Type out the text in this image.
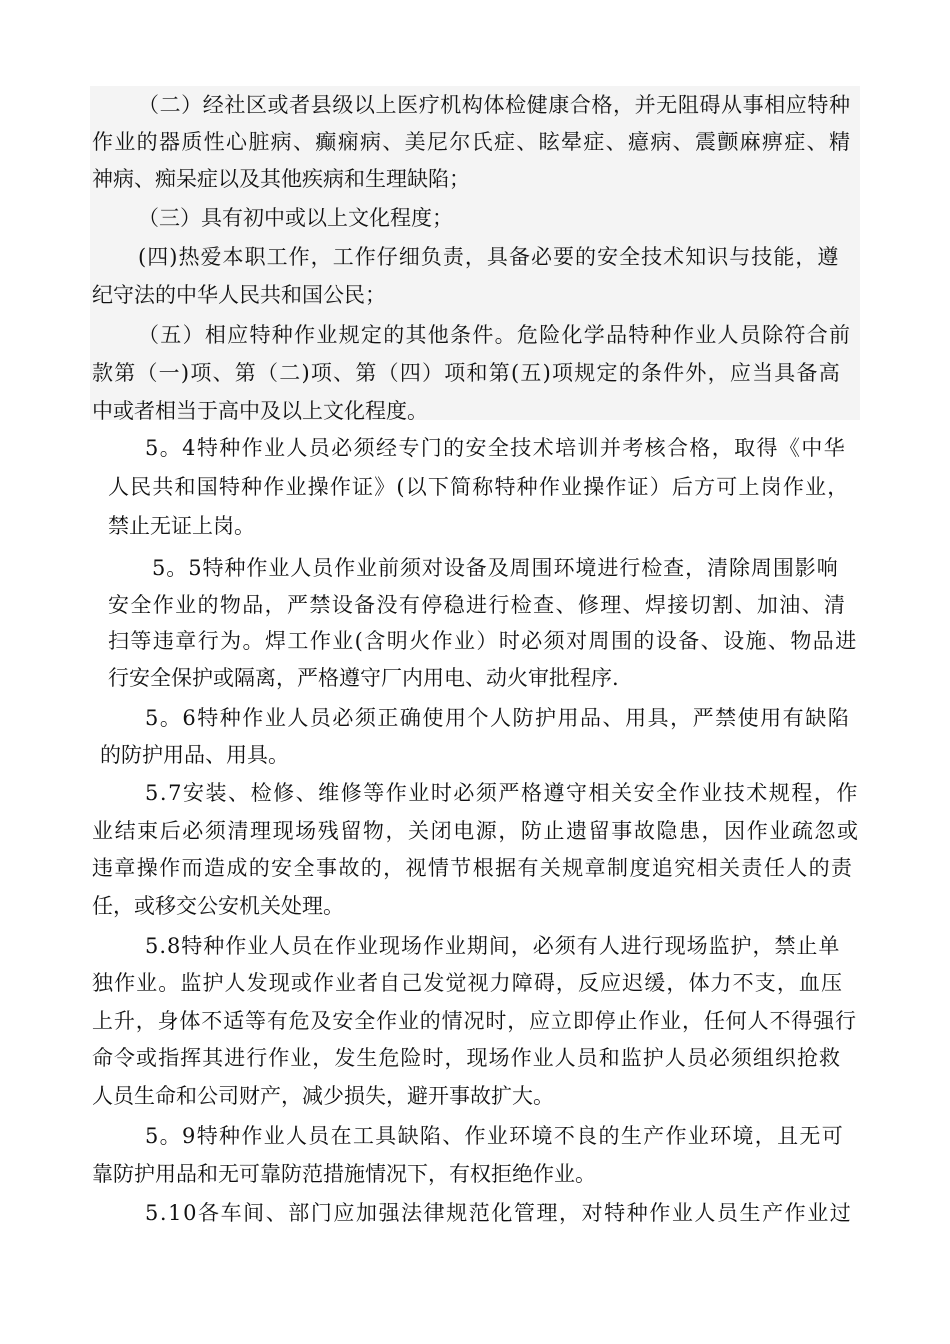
（二）经社区或者县级以上医疗机构体检健康合格，并无阻碍从事相应特种

作业的器质性心脏病、癫痫病、美尼尔氏症、眩晕症、癔病、震颤麻痹症、精

神病、痴呆症以及其他疾病和生理缺陷；

（三）具有初中或以上文化程度；

(四)热爱本职工作，工作仔细负责，具备必要的安全技术知识与技能，遵

纪守法的中华人民共和国公民；

（五）相应特种作业规定的其他条件。危险化学品特种作业人员除符合前

款第（一)项、第（二)项、第（四）项和第(五)项规定的条件外，应当具备高

中或者相当于高中及以上文化程度。

5。4特种作业人员必须经专门的安全技术培训并考核合格，取得《中华

人民共和国特种作业操作证》(以下简称特种作业操作证）后方可上岗作业，

禁止无证上岗。

5。5特种作业人员作业前须对设备及周围环境进行检查，清除周围影响

安全作业的物品，严禁设备没有停稳进行检查、修理、焊接切割、加油、清

扫等违章行为。焊工作业(含明火作业）时必须对周围的设备、设施、物品进

行安全保护或隔离，严格遵守厂内用电、动火审批程序.

5。6特种作业人员必须正确使用个人防护用品、用具，严禁使用有缺陷

的防护用品、用具。

5.7安装、检修、维修等作业时必须严格遵守相关安全作业技术规程，作

业结束后必须清理现场残留物，关闭电源，防止遗留事故隐患，因作业疏忽或

违章操作而造成的安全事故的，视情节根据有关规章制度追究相关责任人的责

任，或移交公安机关处理。

5.8特种作业人员在作业现场作业期间，必须有人进行现场监护，禁止单

独作业。监护人发现或作业者自己发觉视力障碍，反应迟缓，体力不支，血压

上升，身体不适等有危及安全作业的情况时，应立即停止作业，任何人不得强行

命令或指挥其进行作业，发生危险时，现场作业人员和监护人员必须组织抢救

人员生命和公司财产，减少损失，避开事故扩大。

5。9特种作业人员在工具缺陷、作业环境不良的生产作业环境，且无可

靠防护用品和无可靠防范措施情况下，有权拒绝作业。

5.10各车间、部门应加强法律规范化管理，对特种作业人员生产作业过
